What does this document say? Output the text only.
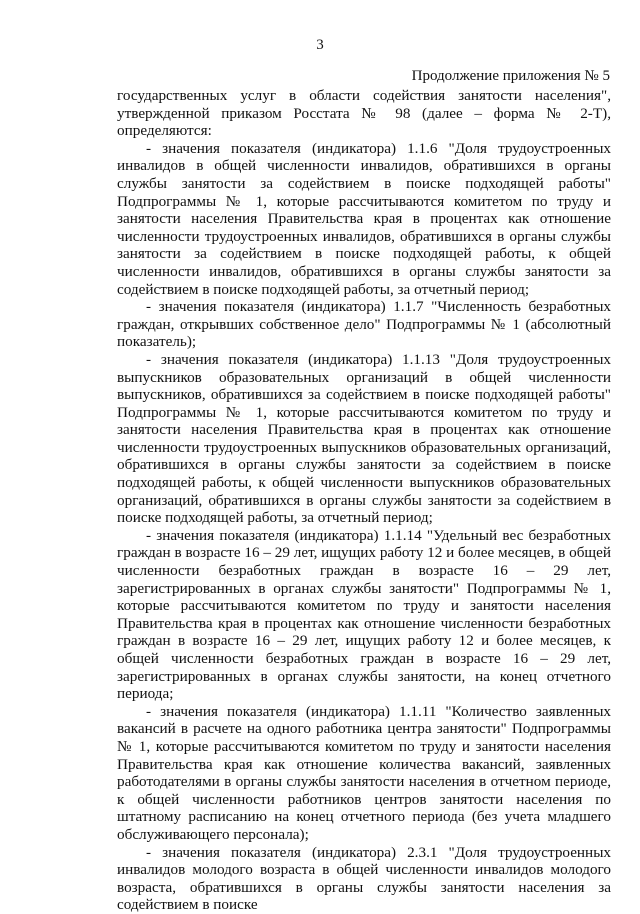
3
Продолжение приложения № 5

государственных услуг в области содействия занятости населения", утвержденной приказом Росстата № 98 (далее – форма № 2-Т), определяются:

- значения показателя (индикатора) 1.1.6 "Доля трудоустроенных инвалидов в общей численности инвалидов, обратившихся в органы службы занятости за содействием в поиске подходящей работы" Подпрограммы № 1, которые рассчитываются комитетом по труду и занятости населения Правительства края в процентах как отношение численности трудоустроенных инвалидов, обратившихся в органы службы занятости за содействием в поиске подходящей работы, к общей численности инвалидов, обратившихся в органы службы занятости за содействием в поиске подходящей работы, за отчетный период;

- значения показателя (индикатора) 1.1.7 "Численность безработных граждан, открывших собственное дело" Подпрограммы № 1 (абсолютный показатель);

- значения показателя (индикатора) 1.1.13 "Доля трудоустроенных выпускников образовательных организаций в общей численности выпускников, обратившихся за содействием в поиске подходящей работы" Подпрограммы № 1, которые рассчитываются комитетом по труду и занятости населения Правительства края в процентах как отношение численности трудоустроенных выпускников образовательных организаций, обратившихся в органы службы занятости за содействием в поиске подходящей работы, к общей численности выпускников образовательных организаций, обратившихся в органы службы занятости за содействием в поиске подходящей работы, за отчетный период;

- значения показателя (индикатора) 1.1.14 "Удельный вес безработных граждан в возрасте 16 – 29 лет, ищущих работу 12 и более месяцев, в общей численности безработных граждан в возрасте 16 – 29 лет, зарегистрированных в органах службы занятости" Подпрограммы № 1, которые рассчитываются комитетом по труду и занятости населения Правительства края в процентах как отношение численности безработных граждан в возрасте 16 – 29 лет, ищущих работу 12 и более месяцев, к общей численности безработных граждан в возрасте 16 – 29 лет, зарегистрированных в органах службы занятости, на конец отчетного периода;

- значения показателя (индикатора) 1.1.11 "Количество заявленных вакансий в расчете на одного работника центра занятости" Подпрограммы № 1, которые рассчитываются комитетом по труду и занятости населения Правительства края как отношение количества вакансий, заявленных работодателями в органы службы занятости населения в отчетном периоде, к общей численности работников центров занятости населения по штатному расписанию на конец отчетного периода (без учета младшего обслуживающего персонала);

- значения показателя (индикатора) 2.3.1 "Доля трудоустроенных инвалидов молодого возраста в общей численности инвалидов молодого возраста, обратившихся в органы службы занятости населения за содействием в поиске
